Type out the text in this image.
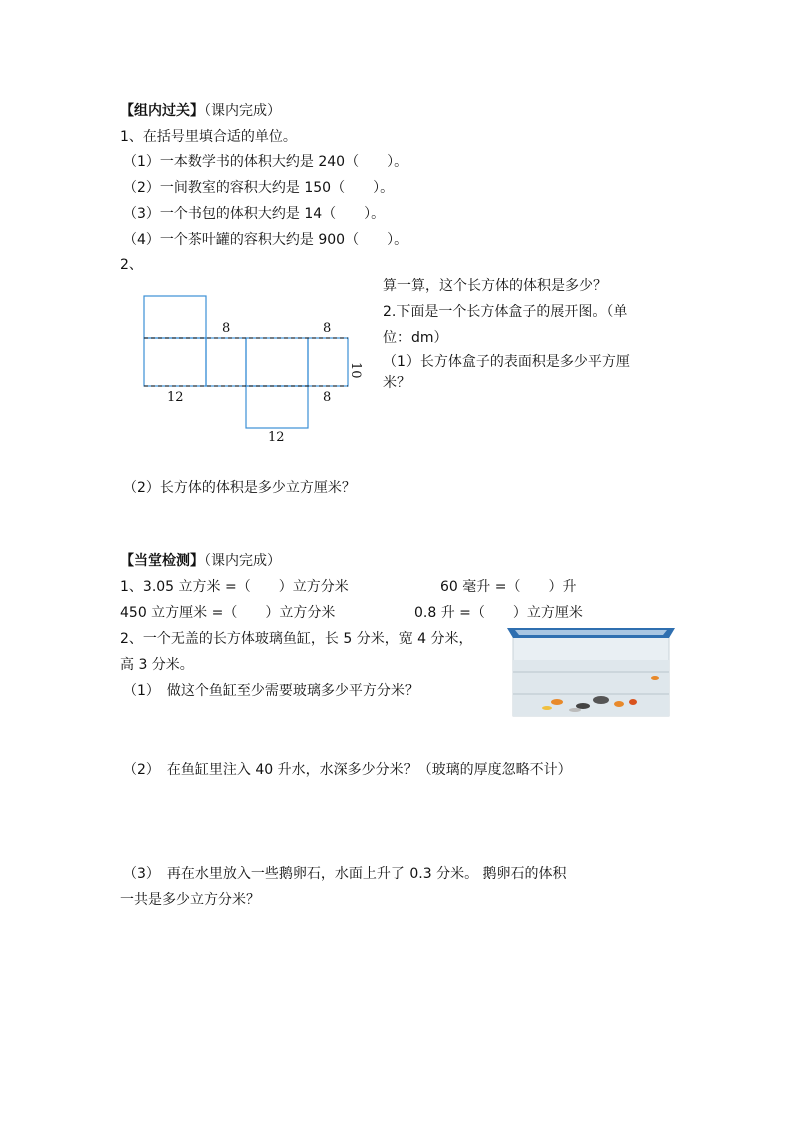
【组内过关】（课内完成）
1、在括号里填合适的单位。
（1）一本数学书的体积大约是 240（　　）。
（2）一间教室的容积大约是 150（　　）。
（3）一个书包的体积大约是 14（　　）。
（4）一个茶叶罐的容积大约是 900（　　）。
2、
8	8
10
12	8
12
算一算，这个长方体的体积是多少？
2.下面是一个长方体盒子的展开图。（单
位：dm）
（1）长方体盒子的表面积是多少平方厘
米？
（2）长方体的体积是多少立方厘米？
【当堂检测】（课内完成）
1、3.05 立方米 =（　　）立方分米	60 毫升 =（　　）升
450 立方厘米 =（　　）立方分米	0.8 升 =（　　）立方厘米
2、一个无盖的长方体玻璃鱼缸，长 5 分米，宽 4 分米，
高 3 分米。
（1）　做这个鱼缸至少需要玻璃多少平方分米？
（2）　在鱼缸里注入 40 升水，水深多少分米？（玻璃的厚度忽略不计）
（3）　再在水里放入一些鹅卵石，水面上升了 0.3 分米。 鹅卵石的体积
一共是多少立方分米？
